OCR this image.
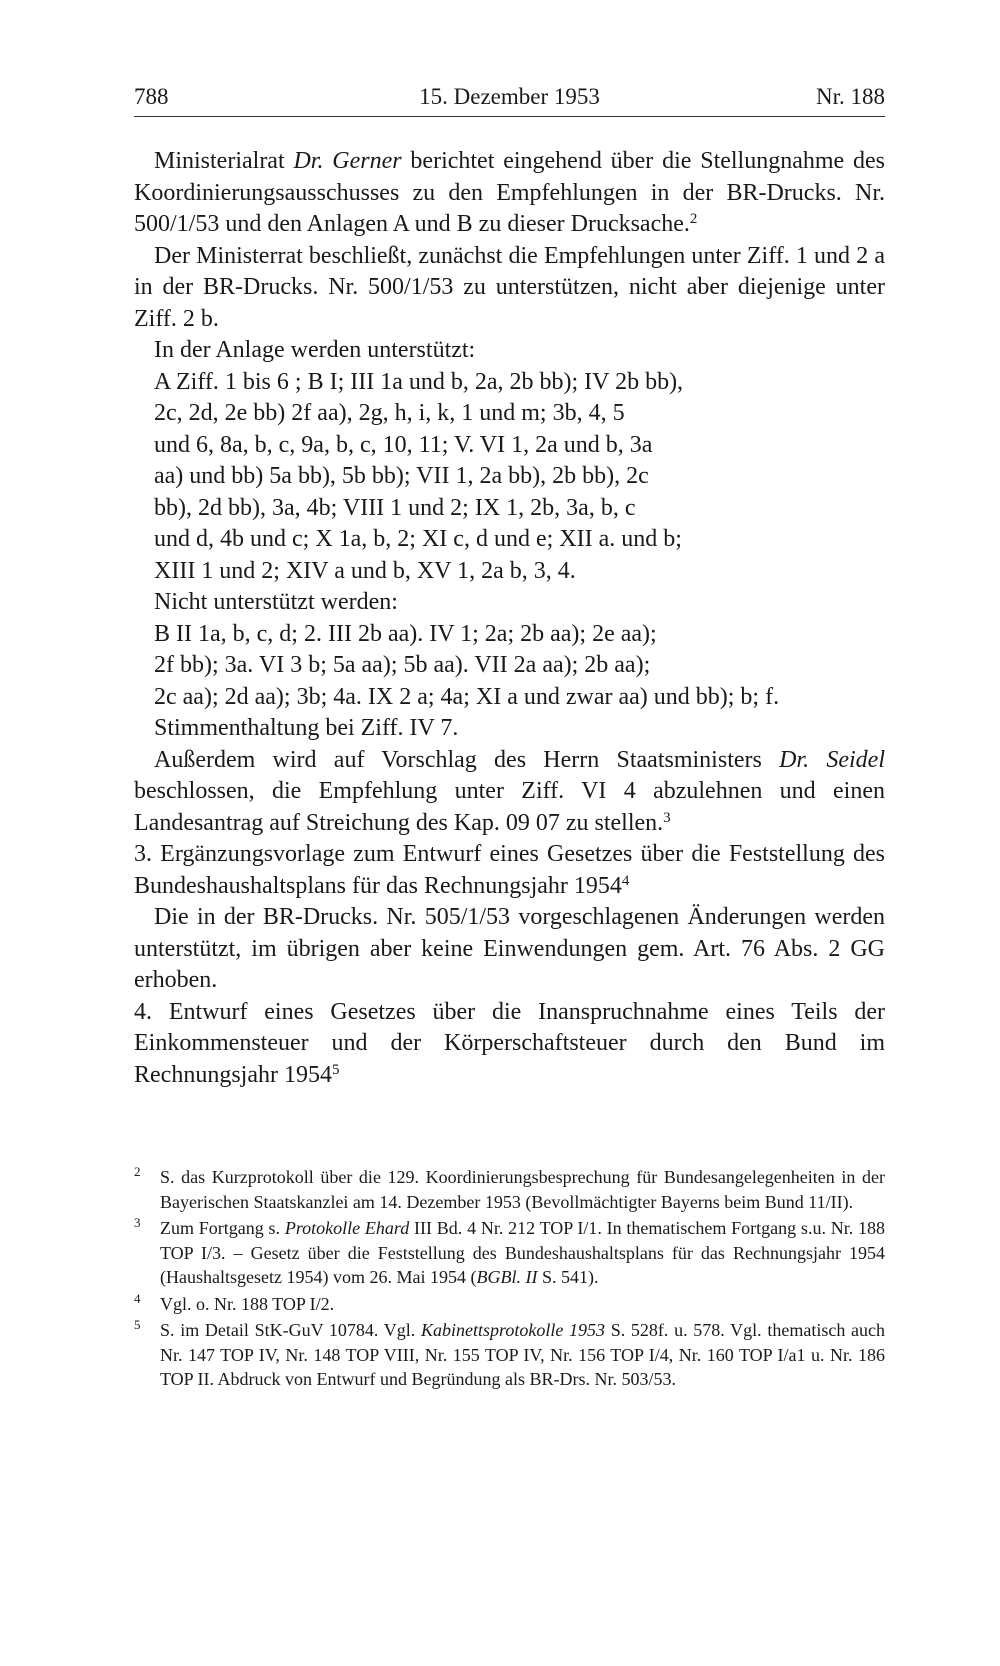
788	15. Dezember 1953	Nr. 188

Ministerialrat Dr. Gerner berichtet eingehend über die Stellungnahme des Koordinierungsausschusses zu den Empfehlungen in der BR-Drucks. Nr. 500/1/53 und den Anlagen A und B zu dieser Drucksache.$^2$

Der Ministerrat beschließt, zunächst die Empfehlungen unter Ziff. 1 und 2 a in der BR-Drucks. Nr. 500/1/53 zu unterstützen, nicht aber diejenige unter Ziff. 2 b.

In der Anlage werden unterstützt:

A Ziff. 1 bis 6 ; B I; III 1a und b, 2a, 2b bb); IV 2b bb),

2c, 2d, 2e bb) 2f aa), 2g, h, i, k, 1 und m; 3b, 4, 5

und 6, 8a, b, c, 9a, b, c, 10, 11; V. VI 1, 2a und b, 3a

aa) und bb) 5a bb), 5b bb); VII 1, 2a bb), 2b bb), 2c

bb), 2d bb), 3a, 4b; VIII 1 und 2; IX 1, 2b, 3a, b, c

und d, 4b und c; X 1a, b, 2; XI c, d und e; XII a. und b;

XIII 1 und 2; XIV a und b, XV 1, 2a b, 3, 4.

Nicht unterstützt werden:

B II 1a, b, c, d; 2. III 2b aa). IV 1; 2a; 2b aa); 2e aa);

2f bb); 3a. VI 3 b; 5a aa); 5b aa). VII 2a aa); 2b aa);

2c aa); 2d aa); 3b; 4a. IX 2 a; 4a; XI a und zwar aa) und bb); b; f.

Stimmenthaltung bei Ziff. IV 7.

Außerdem wird auf Vorschlag des Herrn Staatsministers Dr. Seidel beschlossen, die Empfehlung unter Ziff. VI 4 abzulehnen und einen Landesantrag auf Streichung des Kap. 09 07 zu stellen.$^3$

3. Ergänzungsvorlage zum Entwurf eines Gesetzes über die Feststellung des Bundeshaushaltsplans für das Rechnungsjahr 1954$^4$

Die in der BR-Drucks. Nr. 505/1/53 vorgeschlagenen Änderungen werden unterstützt, im übrigen aber keine Einwendungen gem. Art. 76 Abs. 2 GG erhoben.

4. Entwurf eines Gesetzes über die Inanspruchnahme eines Teils der Einkommensteuer und der Körperschaftsteuer durch den Bund im Rechnungsjahr 1954$^5$

2 S. das Kurzprotokoll über die 129. Koordinierungsbesprechung für Bundesangelegenheiten in der Bayerischen Staatskanzlei am 14. Dezember 1953 (Bevollmächtigter Bayerns beim Bund 11/II).

3 Zum Fortgang s. Protokolle Ehard III Bd. 4 Nr. 212 TOP I/1. In thematischem Fortgang s.u. Nr. 188 TOP I/3. – Gesetz über die Feststellung des Bundeshaushaltsplans für das Rechnungsjahr 1954 (Haushaltsgesetz 1954) vom 26. Mai 1954 (BGBl. II S. 541).

4 Vgl. o. Nr. 188 TOP I/2.

5 S. im Detail StK-GuV 10784. Vgl. Kabinettsprotokolle 1953 S. 528f. u. 578. Vgl. thematisch auch Nr. 147 TOP IV, Nr. 148 TOP VIII, Nr. 155 TOP IV, Nr. 156 TOP I/4, Nr. 160 TOP I/a1 u. Nr. 186 TOP II. Abdruck von Entwurf und Begründung als BR-Drs. Nr. 503/53.
